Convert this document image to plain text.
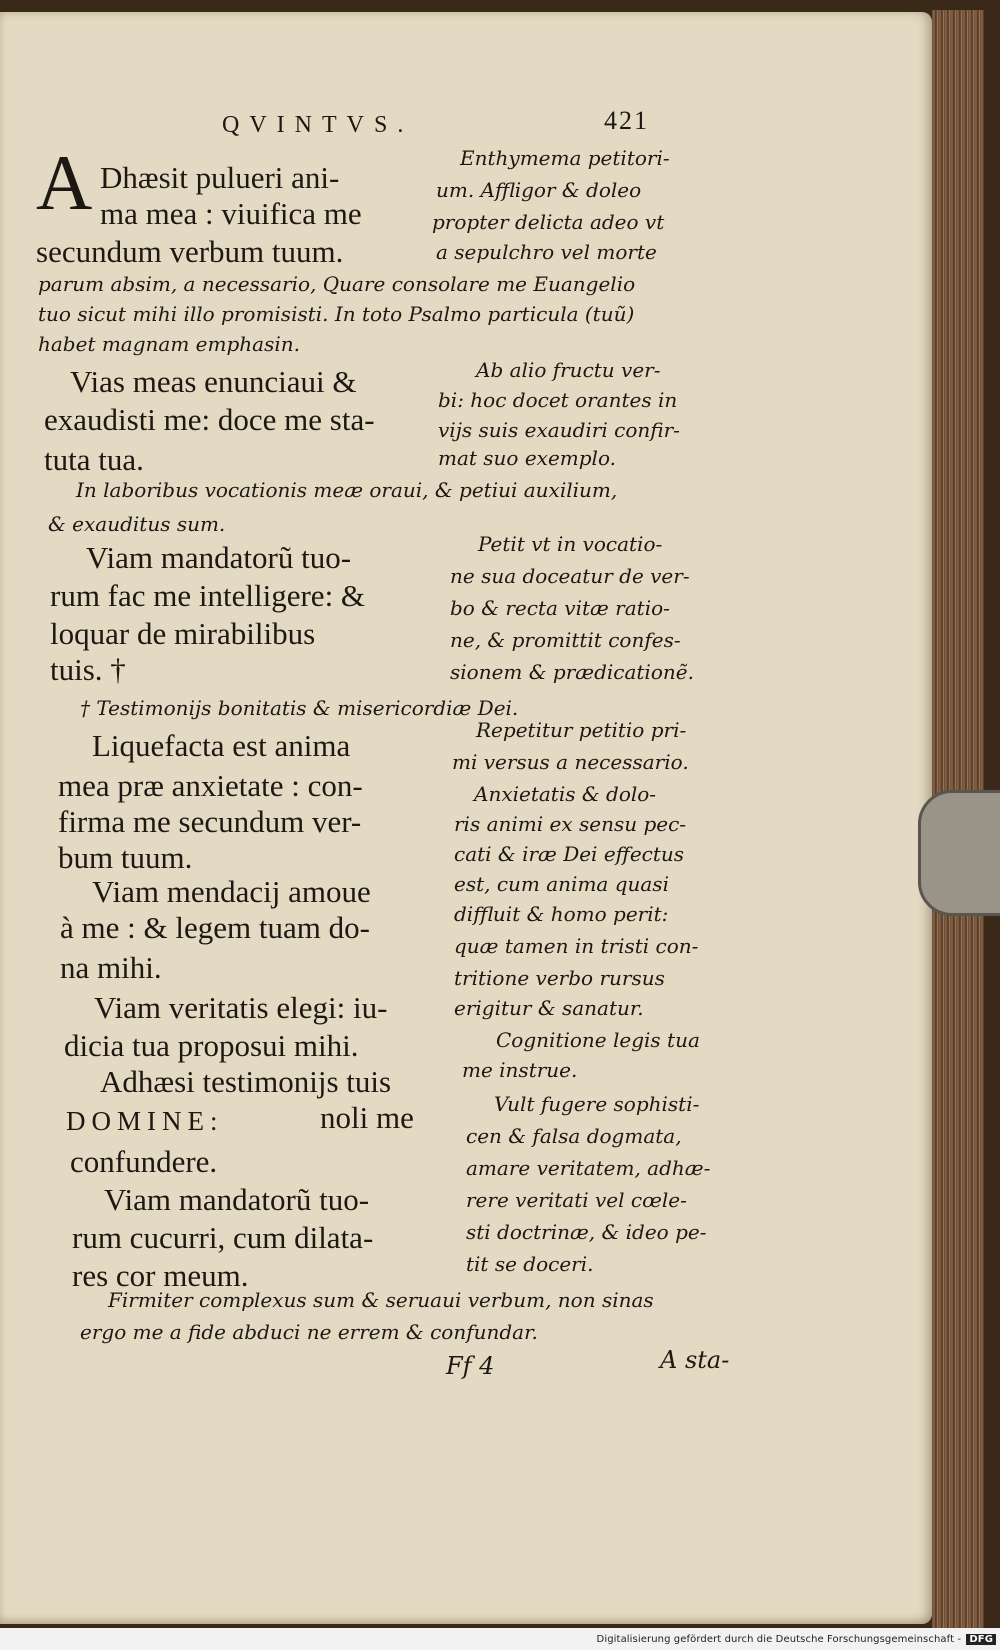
QVINTVS.	421
A Dhæsit pulueri ani-
ma mea : viuifica me
secundum verbum tuum.
Enthymema petitori-
um. Affligor & doleo
propter delicta adeo vt
a sepulchro vel morte
parum absim, a necessario, Quare consolare me Euangelio
tuo sicut mihi illo promisisti. In toto Psalmo particula (tuũ)
habet magnam emphasin.
Vias meas enunciaui &
exaudisti me: doce me sta-
tuta tua.
Ab alio fructu ver-
bi: hoc docet orantes in
vijs suis exaudiri confir-
mat suo exemplo.
In laboribus vocationis meæ oraui, & petiui auxilium,
& exauditus sum.
Viam mandatorũ tuo-
rum fac me intelligere: &
loquar de mirabilibus
tuis. †
Petit vt in vocatio-
ne sua doceatur de ver-
bo & recta vitæ ratio-
ne, & promittit confes-
sionem & prædicationẽ.
† Testimonijs bonitatis & misericordiæ Dei.
Liquefacta est anima
mea præ anxietate : con-
firma me secundum ver-
bum tuum.
Viam mendacij amoue
à me : & legem tuam do-
na mihi.
Viam veritatis elegi: iu-
dicia tua proposui mihi.
Adhæsi testimonijs tuis
DOMINE:	noli me
confundere.
Viam mandatorũ tuo-
rum cucurri, cum dilata-
res cor meum.
Repetitur petitio pri-
mi versus a necessario.
Anxietatis & dolo-
ris animi ex sensu pec-
cati & iræ Dei effectus
est, cum anima quasi
diffluit & homo perit:
quæ tamen in tristi con-
tritione verbo rursus
erigitur & sanatur.
Cognitione legis tua
me instrue.
Vult fugere sophisti-
cen & falsa dogmata,
amare veritatem, adhæ-
rere veritati vel cœle-
sti doctrinæ, & ideo pe-
tit se doceri.
Firmiter complexus sum & seruaui verbum, non sinas
ergo me a fide abduci ne errem & confundar.
Ff 4	A sta-
Digitalisierung gefördert durch die Deutsche Forschungsgemeinschaft - DFG
